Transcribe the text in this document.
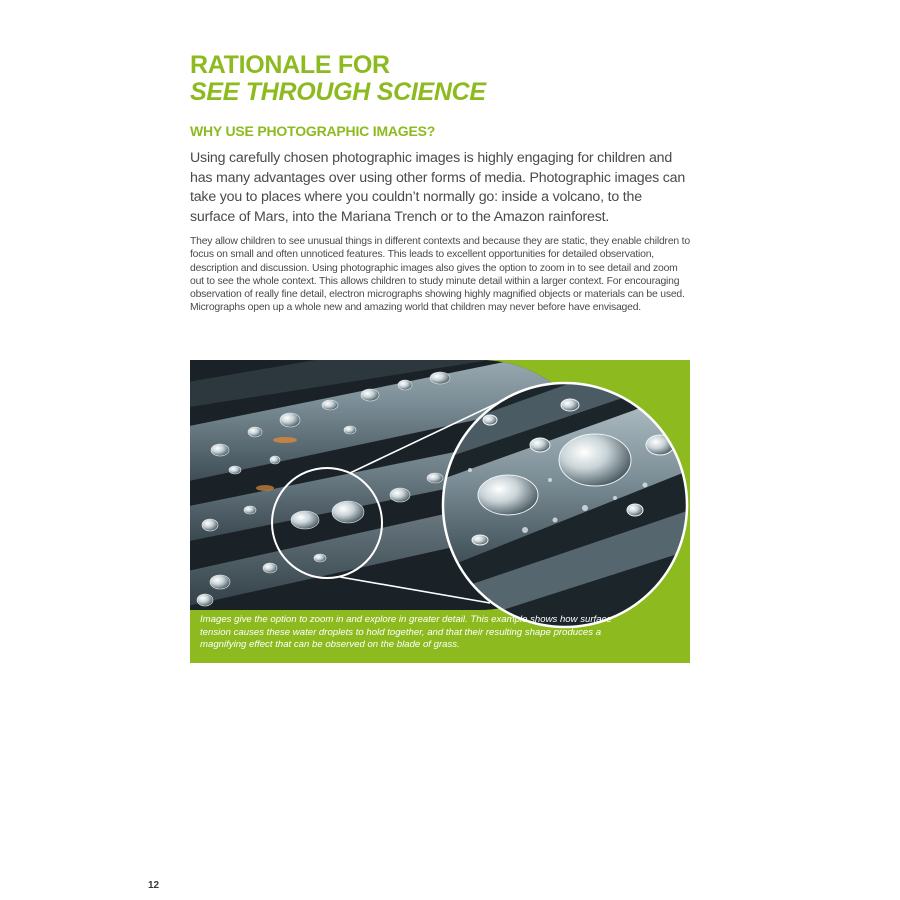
RATIONALE FOR
SEE THROUGH SCIENCE
WHY USE PHOTOGRAPHIC IMAGES?

Using carefully chosen photographic images is highly engaging for children and has many advantages over using other forms of media. Photographic images can take you to places where you couldn’t normally go: inside a volcano, to the surface of Mars, into the Mariana Trench or to the Amazon rainforest.

They allow children to see unusual things in different contexts and because they are static, they enable children to focus on small and often unnoticed features. This leads to excellent opportunities for detailed observation, description and discussion. Using photographic images also gives the option to zoom in to see detail and zoom out to see the whole context. This allows children to study minute detail within a larger context. For encouraging observation of really fine detail, electron micrographs showing highly magnified objects or materials can be used. Micrographs open up a whole new and amazing world that children may never before have envisaged.

Images give the option to zoom in and explore in greater detail. This example shows how surface tension causes these water droplets to hold together, and that their resulting shape produces a magnifying effect that can be observed on the blade of grass.

12
